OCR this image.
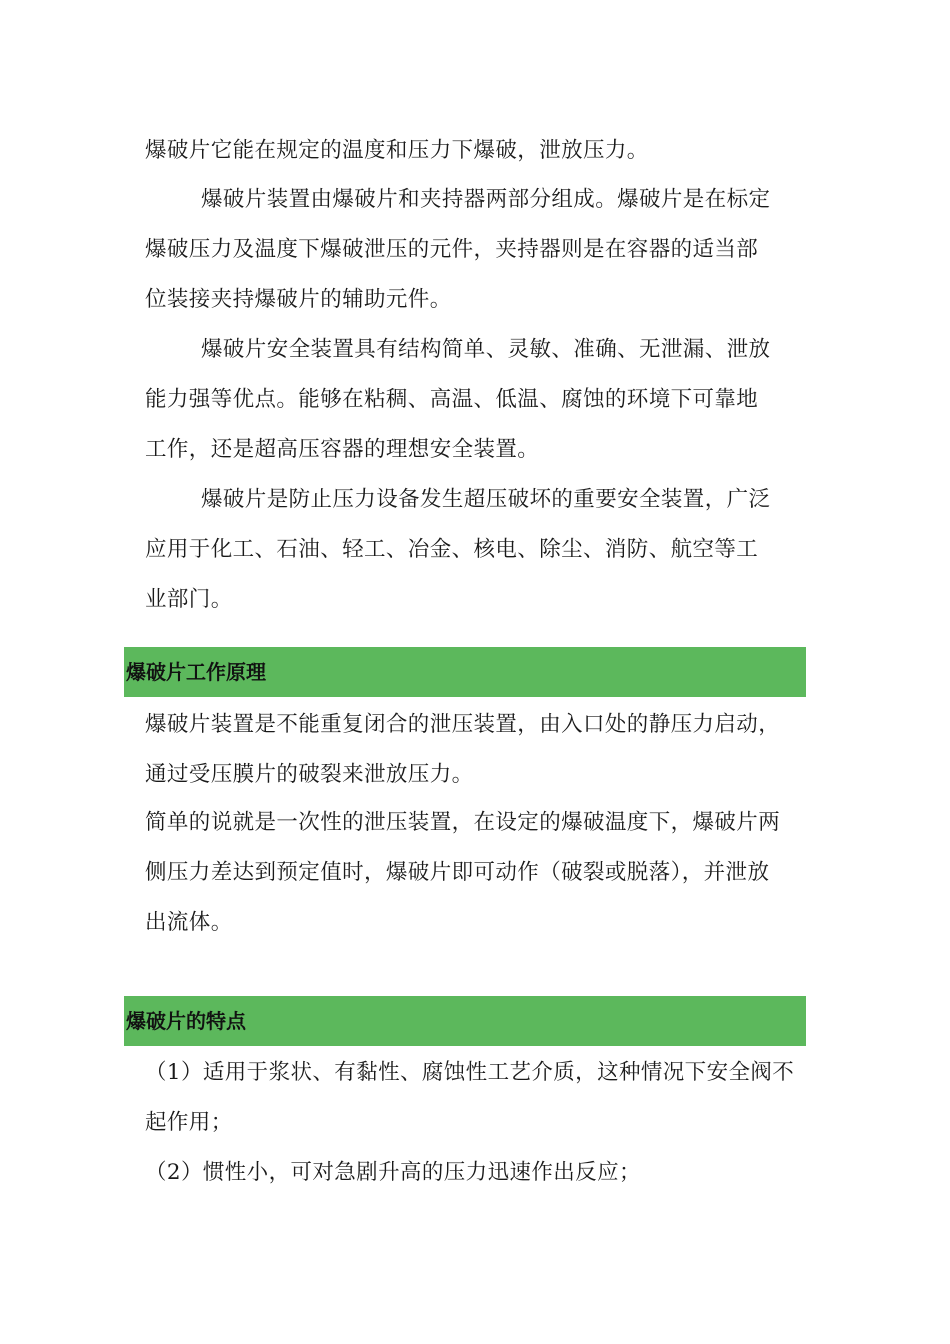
爆破片它能在规定的温度和压力下爆破，泄放压力。
爆破片装置由爆破片和夹持器两部分组成。爆破片是在标定
爆破压力及温度下爆破泄压的元件，夹持器则是在容器的适当部
位装接夹持爆破片的辅助元件。
爆破片安全装置具有结构简单、灵敏、准确、无泄漏、泄放
能力强等优点。能够在粘稠、高温、低温、腐蚀的环境下可靠地
工作，还是超高压容器的理想安全装置。
爆破片是防止压力设备发生超压破坏的重要安全装置，广泛
应用于化工、石油、轻工、冶金、核电、除尘、消防、航空等工
业部门。
爆破片工作原理
爆破片装置是不能重复闭合的泄压装置，由入口处的静压力启动，
通过受压膜片的破裂来泄放压力。
简单的说就是一次性的泄压装置，在设定的爆破温度下，爆破片两
侧压力差达到预定值时，爆破片即可动作（破裂或脱落），并泄放
出流体。
爆破片的特点
（1）适用于浆状、有黏性、腐蚀性工艺介质，这种情况下安全阀不
起作用；
（2）惯性小，可对急剧升高的压力迅速作出反应；
